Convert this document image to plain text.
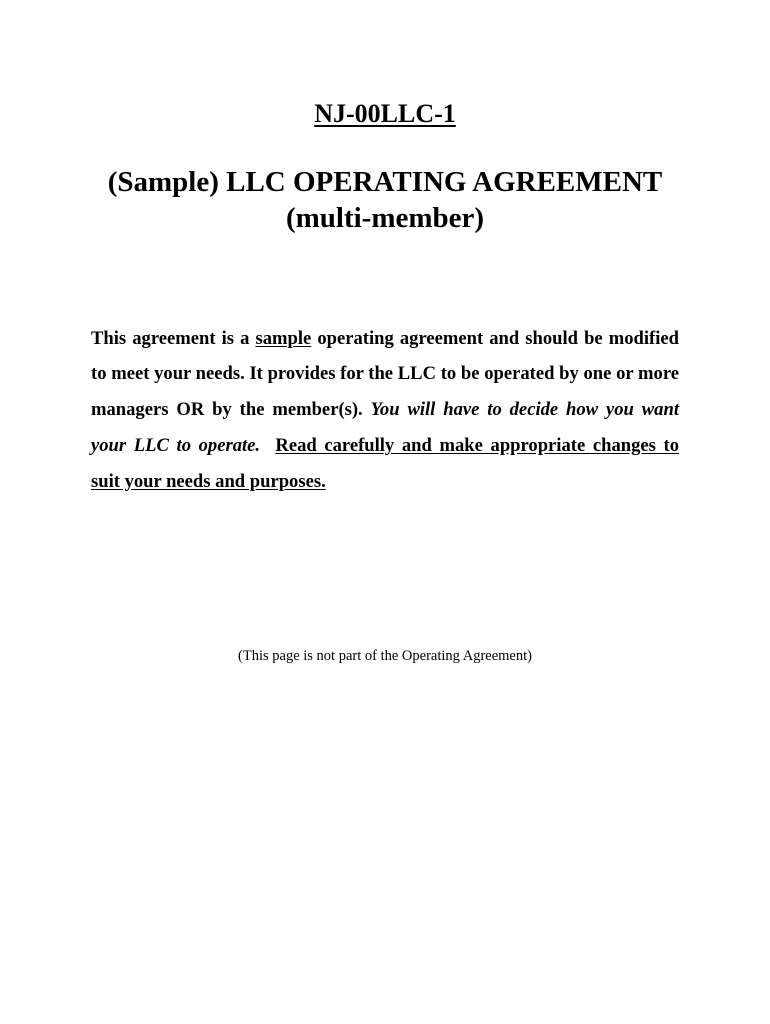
NJ-00LLC-1
(Sample) LLC OPERATING AGREEMENT
(multi-member)

This agreement is a sample operating agreement and should be modified to meet your needs. It provides for the LLC to be operated by one or more managers OR by the member(s). You will have to decide how you want your LLC to operate. Read carefully and make appropriate changes to suit your needs and purposes.

(This page is not part of the Operating Agreement)
